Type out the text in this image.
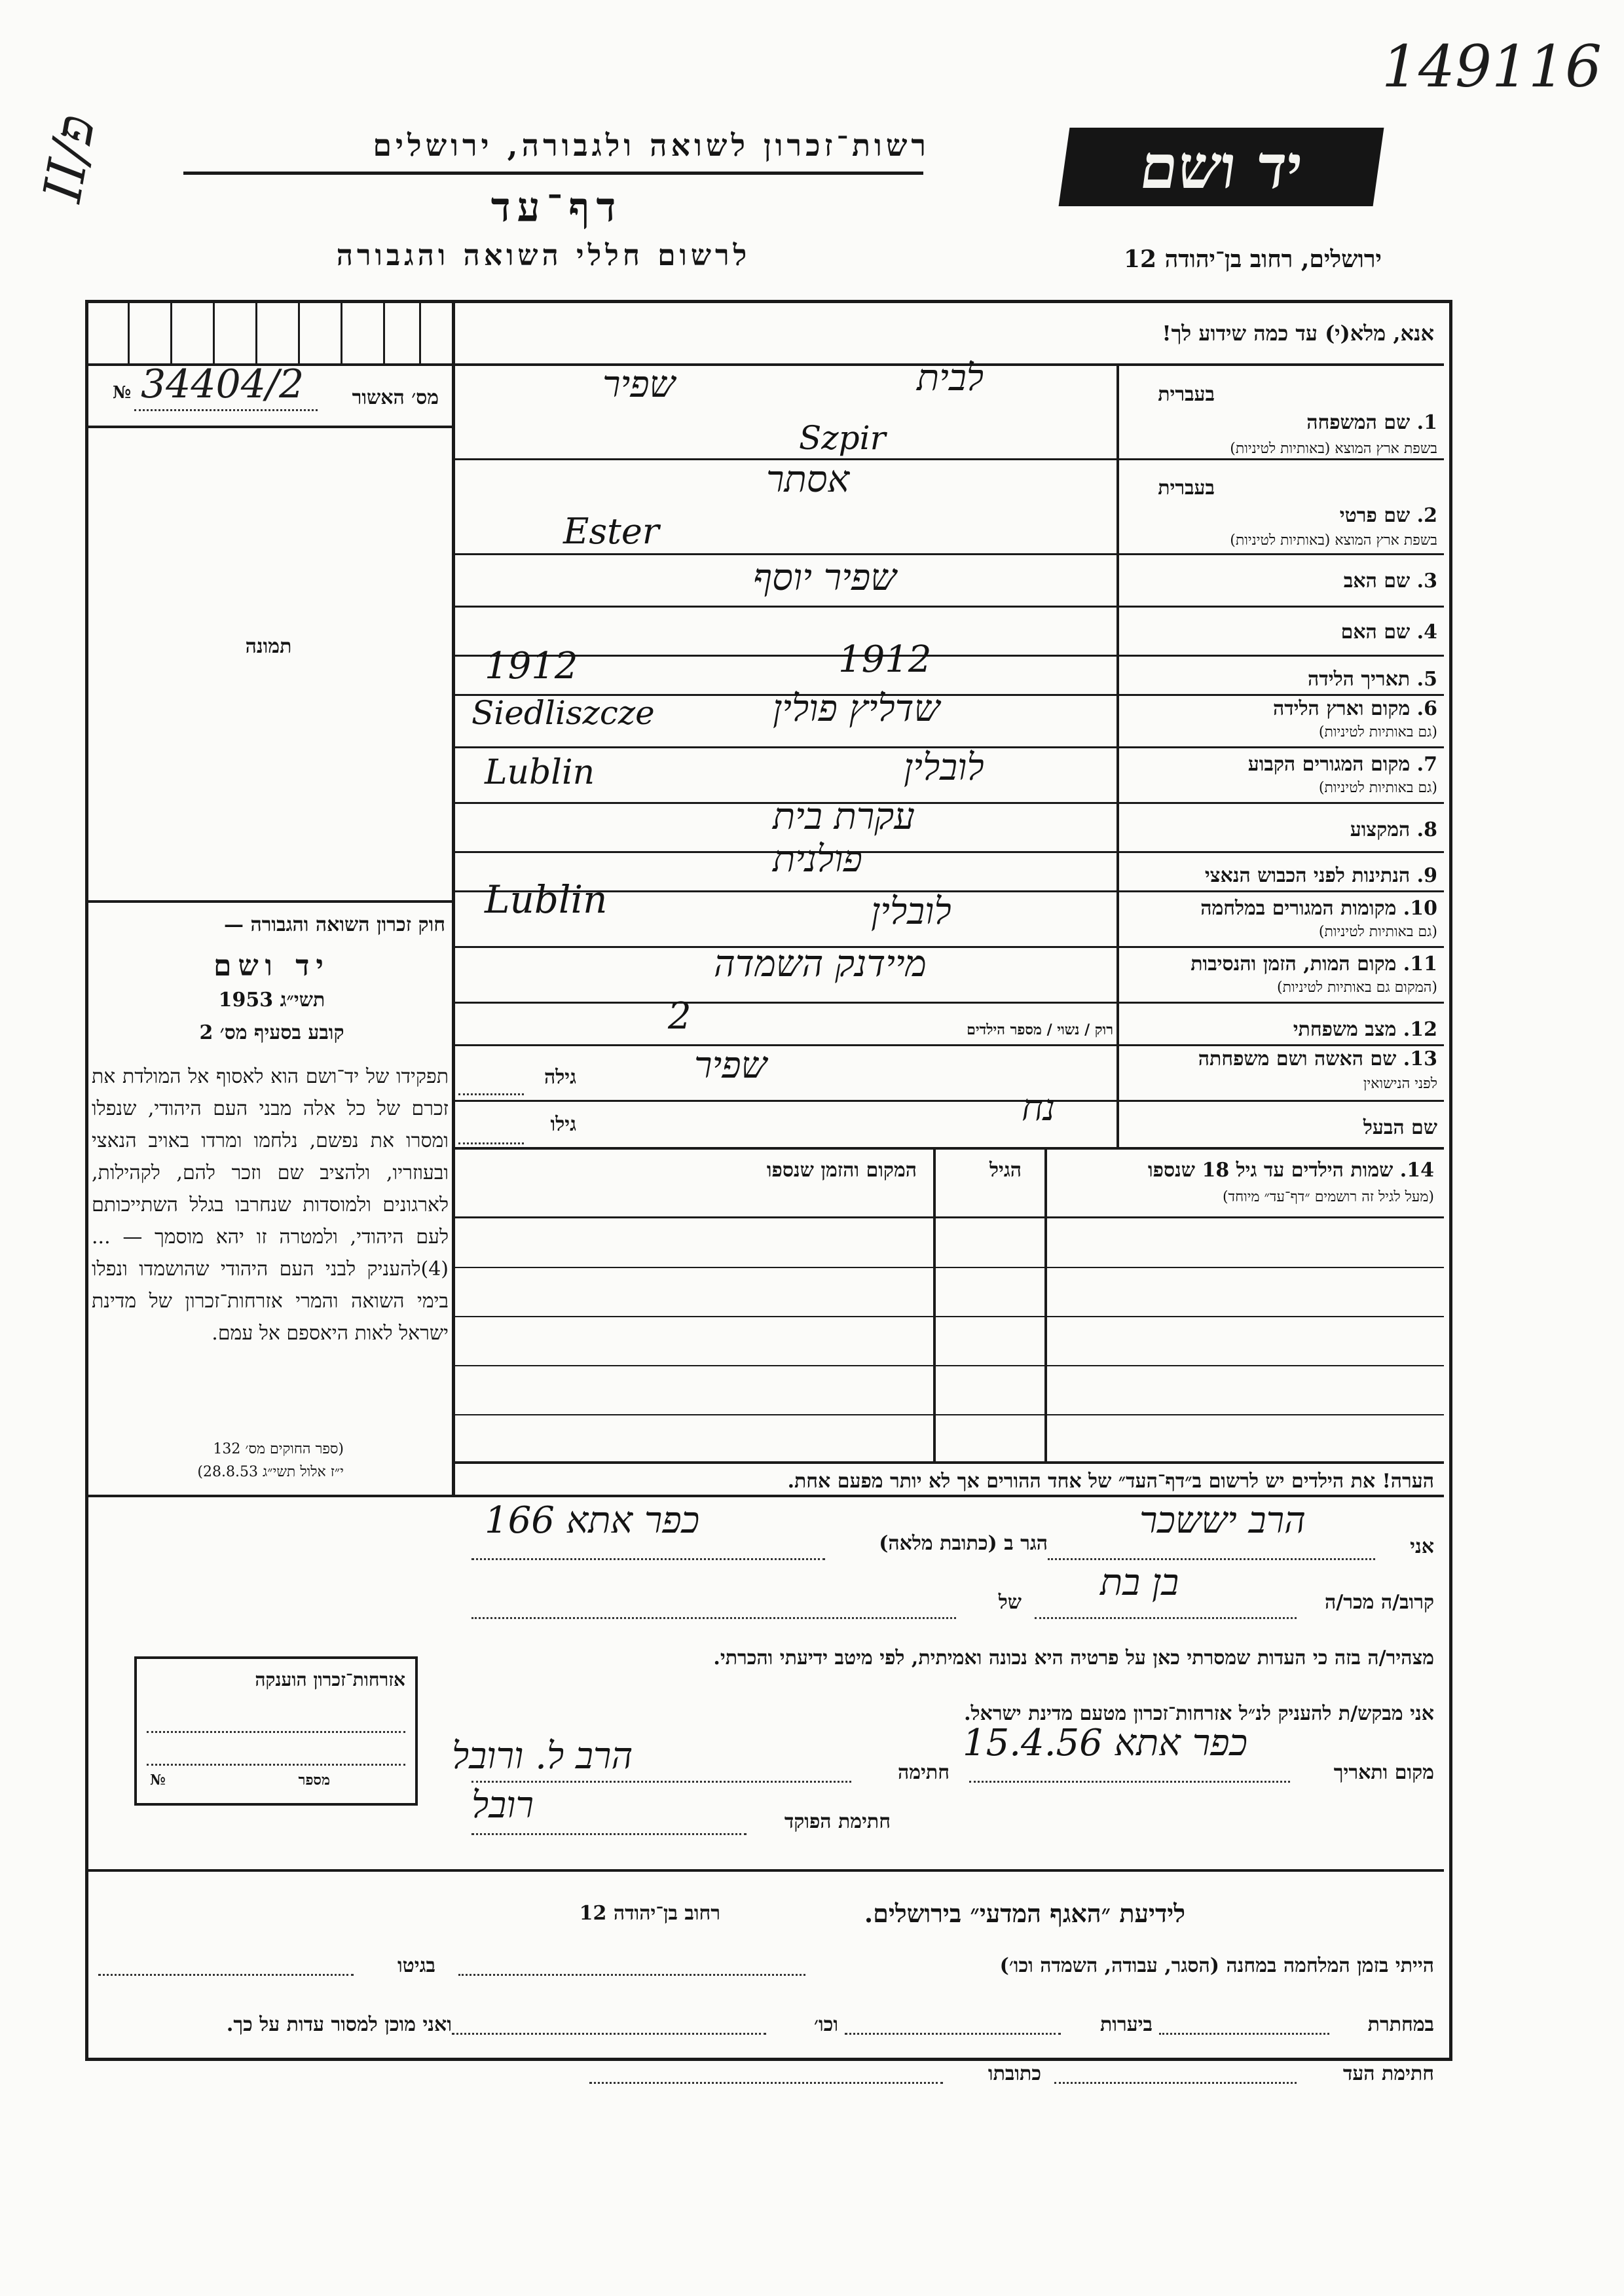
149116
II/פ	רשות־זכרון לשואה ולגבורה, ירושלים
דף־עד
לרשום חללי השואה והגבורה
יד ושם
ירושלים, רחוב בן־יהודה 12
№ 34404/2	מס׳ האשור
תמונה
חוק זכרון השואה והגבורה —
יד ושם
תשי״ג 1953
קובע בסעיף מס׳ 2
תפקידו של יד־ושם הוא לאסוף אל המולדת את זכרם של כל אלה מבני העם היהודי, שנפלו ומסרו את נפשם, נלחמו ומרדו באויב הנאצי ובעוזריו, ולהציב שם וזכר להם, לקהילות, לארגונים ולמוסדות שנחרבו בגלל השתייכותם לעם היהודי, ולמטרה זו יהא מוסמך — ...(4)להעניק לבני העם היהודי שהושמדו ונפלו בימי השואה והמרי אזרחות־זכרון של מדינת ישראל לאות היאספם אל עמם.
(ספר החוקים מס׳ 132
י״ז אלול תשי״ג 28.8.53)
אנא, מלא(י) עד כמה שידוע לך!
בעברית
1. שם המשפחה
בשפת ארץ המוצא (באותיות לטיניות)
שפיר	לבית
Szpir
בעברית
2. שם פרטי
בשפת ארץ המוצא (באותיות לטיניות)
אסתר
Ester
3. שם האב
שפיר יוסף
4. שם האם
5. תאריך הלידה
1912	1912
6. מקום וארץ הלידה
(גם באותיות לטיניות)
Siedliszcze	שדליץ פולין
7. מקום המגורים הקבוע
(גם באותיות לטיניות)
Lublin	לובלין
8. המקצוע
עקרת בית
9. הנתינות לפני הכבוש הנאצי
פולנית
10. מקומות המגורים במלחמה
(גם באותיות לטיניות)
Lublin	לובלין
11. מקום המות, הזמן והנסיבות
(המקום גם באותיות לטיניות)
מיידנק השמדה
12. מצב משפחתי
רוק / נשוי / מספר הילדים
2
13. שם האשה ושם משפחתה
לפני הנישואין
גילה	שפיר
שם הבעל
גילו	נח
14. שמות הילדים עד גיל 18 שנספו
(מעל לגיל זה רושמים ״דף־עד״ מיוחד)
הגיל
המקום והזמן שנספו
הערה! את הילדים יש לרשום ב״דף־העד״ של אחד ההורים אך לא יותר מפעם אחת.
אני
הרב יששכר
הגר ב (כתובת מלאה)
כפר אתא 166
קרוב/ה מכר/ה
בן בת
של
מצהיר/ה בזה כי העדות שמסרתי כאן על פרטיה היא נכונה ואמיתית, לפי מיטב ידיעתי והכרתי.
אני מבקש/ת להעניק לנ״ל אזרחות־זכרון מטעם מדינת ישראל.
מקום ותאריך
כפר אתא 15.4.56
חתימה
הרב ל. ורובל
חתימת הפוקד
רובל
אזרחות־זכרון הוענקה
מספר
№
לידיעת ״האגף המדעי״ בירושלים.
רחוב בן־יהודה 12
הייתי בזמן המלחמה במחנה (הסגר, עבודה, השמדה וכו׳)
בגיטו
במחתרת
ביערות
וכו׳
ואני מוכן למסור עדות על כך.
חתימת העד
כתובתו
